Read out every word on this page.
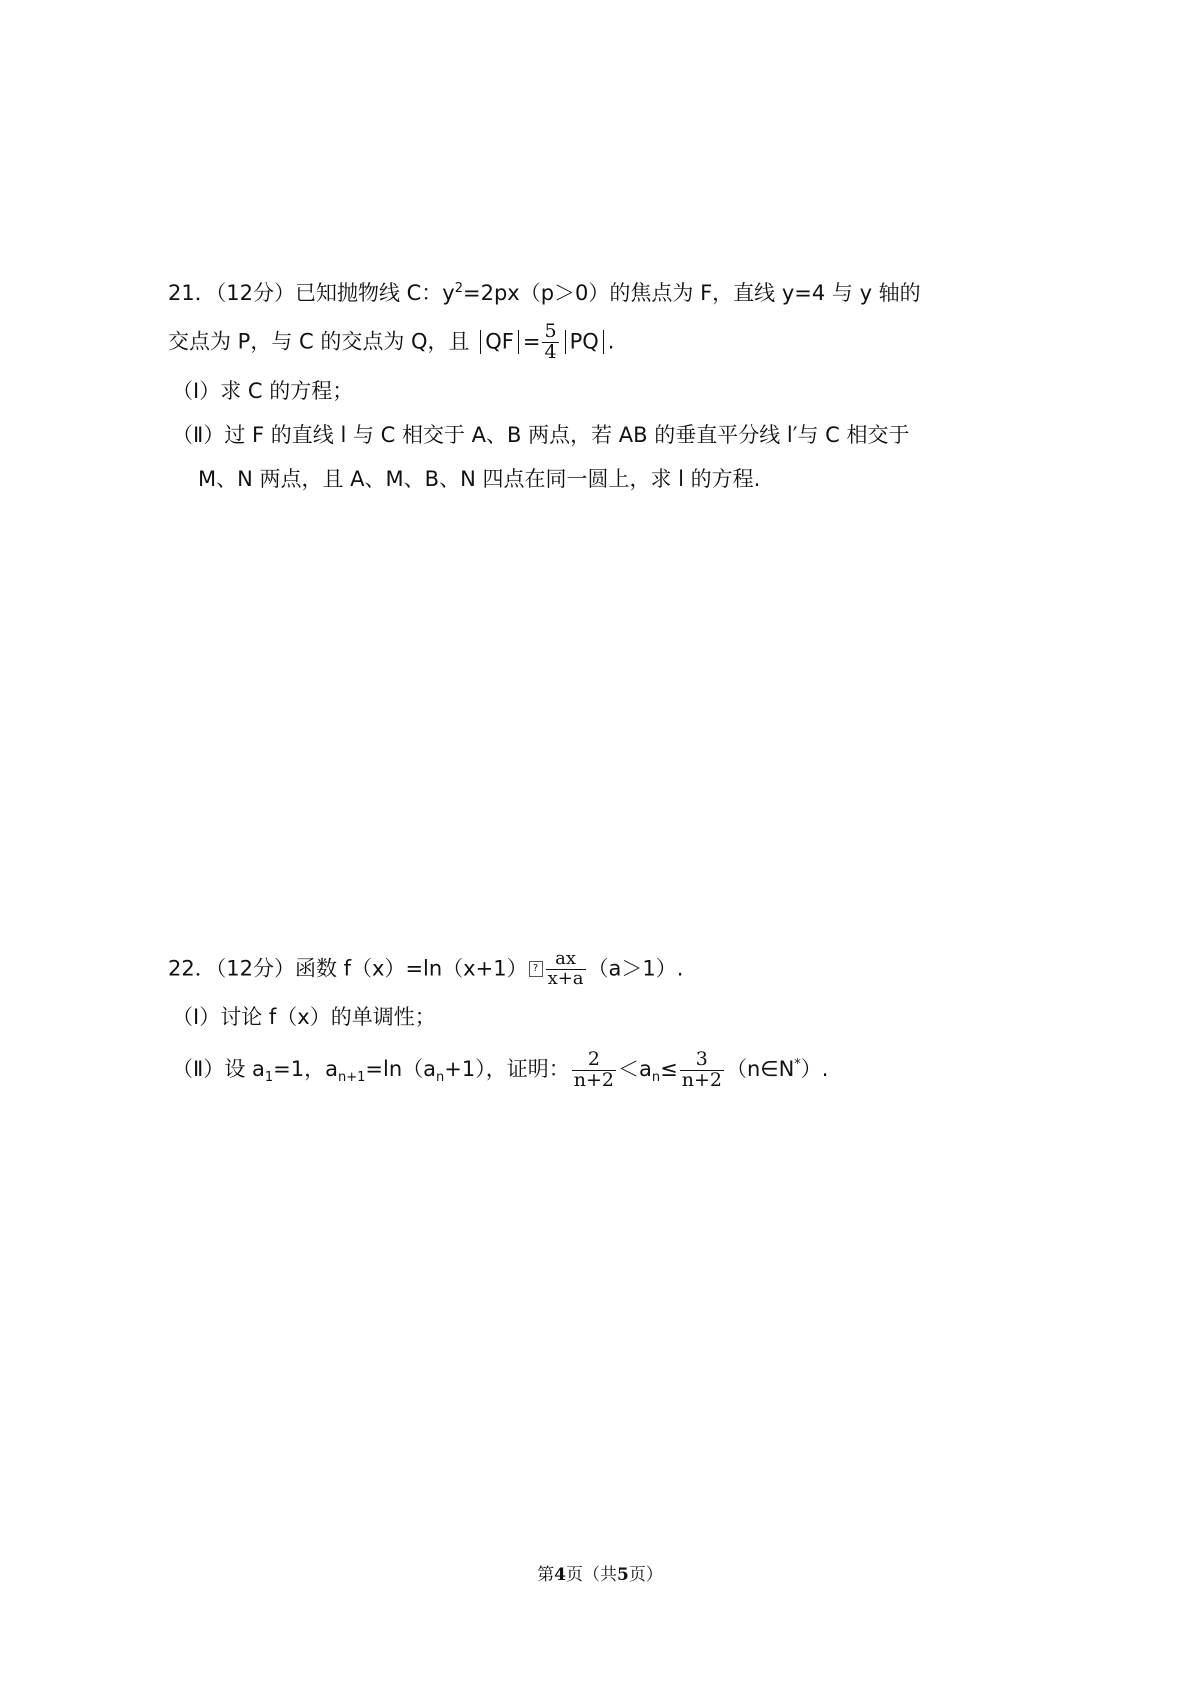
21．（12分）已知抛物线 C：$y^2=2px(p>0)$的焦点为 F，直线 y=4 与 y 轴的
交点为 P，与 C 的交点为 Q，且 QF = $\frac{5}{4}$ PQ .
（Ⅰ）求 C 的方程；
（Ⅱ）过 F 的直线 l 与 C 相交于 A、B 两点，若 AB 的垂直平分线 l′与 C 相交于
M、N 两点，且 A、M、B、N 四点在同一圆上，求 l 的方程.
22．（12分）函数 f（x）=ln（x+1） ? $\frac{ax}{x+a} (a>1)$.
（Ⅰ）讨论 f（x）的单调性；
（Ⅱ）设 $a_1=1$，$a_{n+1}=\ln(a_n+1)$，证明： $\frac{2}{n+2} <a_n\le \frac{3}{n+2}$ （n∈N*）.
第4页（共5页）
